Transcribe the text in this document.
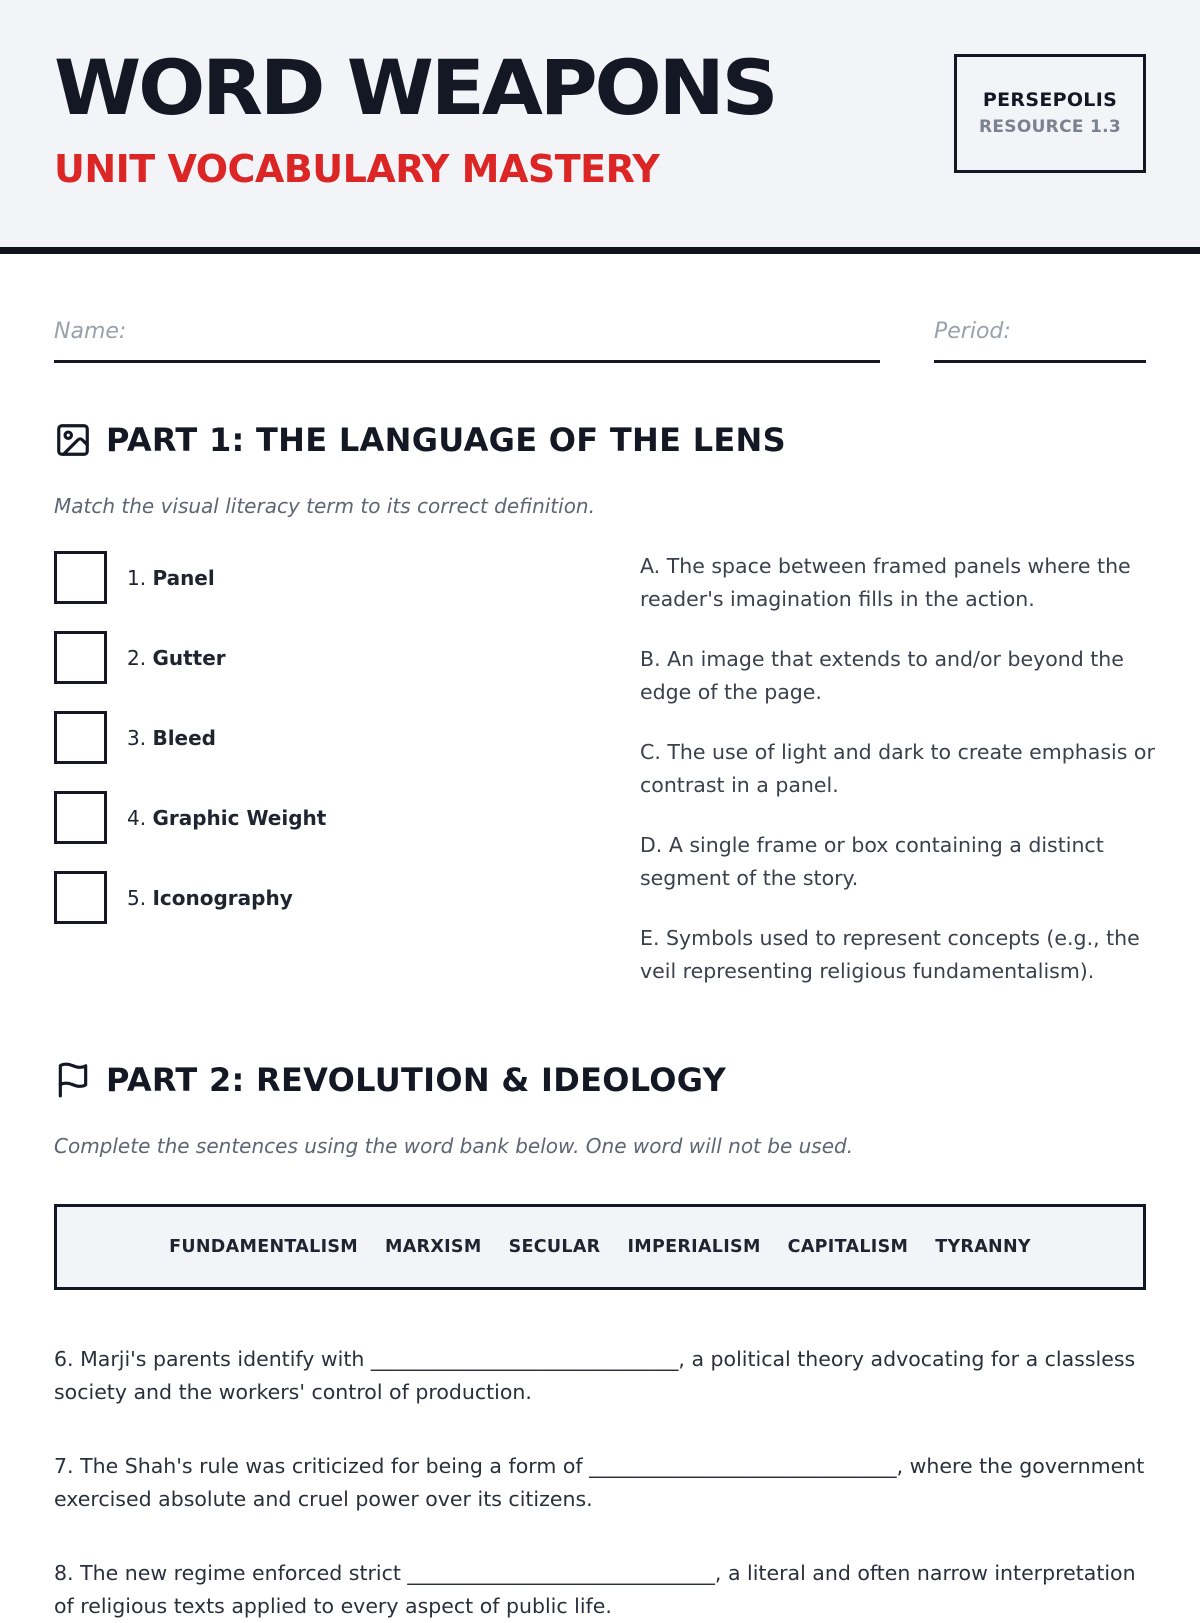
WORD WEAPONS
UNIT VOCABULARY MASTERY
PERSEPOLIS
RESOURCE 1.3
Name:	Period:
PART 1: THE LANGUAGE OF THE LENS
Match the visual literacy term to its correct definition.
1. Panel
2. Gutter
3. Bleed
4. Graphic Weight
5. Iconography
A. The space between framed panels where the reader's imagination fills in the action.
B. An image that extends to and/or beyond the edge of the page.
C. The use of light and dark to create emphasis or contrast in a panel.
D. A single frame or box containing a distinct segment of the story.
E. Symbols used to represent concepts (e.g., the veil representing religious fundamentalism).
PART 2: REVOLUTION & IDEOLOGY
Complete the sentences using the word bank below. One word will not be used.
FUNDAMENTALISM MARXISM SECULAR IMPERIALISM CAPITALISM TYRANNY
6. Marji's parents identify with ______________________________, a political theory advocating for a classless society and the workers' control of production.
7. The Shah's rule was criticized for being a form of ______________________________, where the government exercised absolute and cruel power over its citizens.
8. The new regime enforced strict ______________________________, a literal and often narrow interpretation of religious texts applied to every aspect of public life.
